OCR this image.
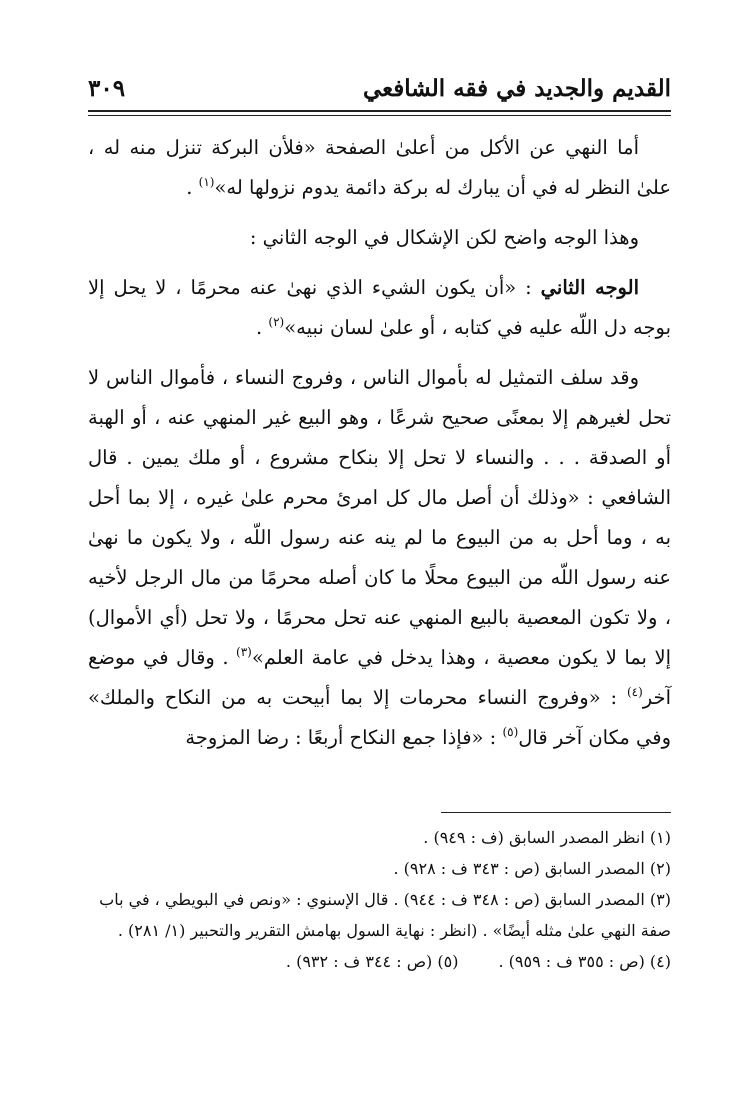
٣٠٩	القديم والجديد في فقه الشافعي

أما النهي عن الأكل من أعلىٰ الصفحة «فلأن البركة تنزل منه له ، علىٰ النظر له في أن يبارك له بركة دائمة يدوم نزولها له»$^{(١)}$ .

وهذا الوجه واضح لكن الإشكال في الوجه الثاني :

الوجه الثاني : «أن يكون الشيء الذي نهىٰ عنه محرمًا ، لا يحل إلا بوجه دل اللّه عليه في كتابه ، أو علىٰ لسان نبيه»$^{(٢)}$ .

وقد سلف التمثيل له بأموال الناس ، وفروج النساء ، فأموال الناس لا تحل لغيرهم إلا بمعنًى صحيح شرعًا ، وهو البيع غير المنهي عنه ، أو الهبة أو الصدقة . . . والنساء لا تحل إلا بنكاح مشروع ، أو ملك يمين . قال الشافعي : «وذلك أن أصل مال كل امرئ محرم علىٰ غيره ، إلا بما أحل به ، وما أحل به من البيوع ما لم ينه عنه رسول اللّه ، ولا يكون ما نهىٰ عنه رسول اللّه من البيوع محلًا ما كان أصله محرمًا من مال الرجل لأخيه ، ولا تكون المعصية بالبيع المنهي عنه تحل محرمًا ، ولا تحل (أي الأموال) إلا بما لا يكون معصية ، وهذا يدخل في عامة العلم»$^{(٣)}$ . وقال في موضع آخر$^{(٤)}$ : «وفروج النساء محرمات إلا بما أبيحت به من النكاح والملك» وفي مكان آخر قال$^{(٥)}$ : «فإذا جمع النكاح أربعًا : رضا المزوجة

(١) انظر المصدر السابق (ف : ٩٤٩) .

(٢) المصدر السابق (ص : ٣٤٣ ف : ٩٢٨) .

(٣) المصدر السابق (ص : ٣٤٨ ف : ٩٤٤) . قال الإسنوي : «ونص في البويطي ، في باب صفة النهي علىٰ مثله أيضًا» . (انظر : نهاية السول بهامش التقرير والتحبير (١/ ٢٨١) .

(٤) (ص : ٣٥٥ ف : ٩٥٩) .
(٥) (ص : ٣٤٤ ف : ٩٣٢) .
